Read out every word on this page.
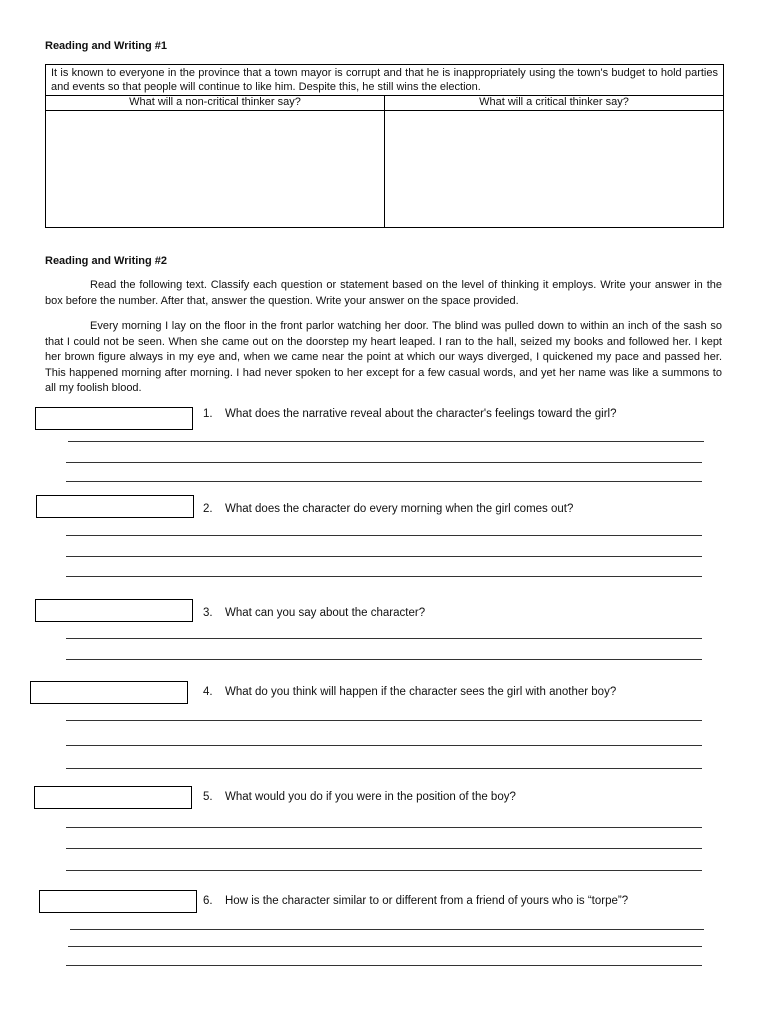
Reading and Writing #1
It is known to everyone in the province that a town mayor is corrupt and that he is inappropriately using the town's budget to hold parties and events so that people will continue to like him. Despite this, he still wins the election.
What will a non-critical thinker say?	What will a critical thinker say?
Reading and Writing #2

Read the following text. Classify each question or statement based on the level of thinking it employs. Write your answer in the box before the number. After that, answer the question. Write your answer on the space provided.

Every morning I lay on the floor in the front parlor watching her door. The blind was pulled down to within an inch of the sash so that I could not be seen. When she came out on the doorstep my heart leaped. I ran to the hall, seized my books and followed her. I kept her brown figure always in my eye and, when we came near the point at which our ways diverged, I quickened my pace and passed her. This happened morning after morning. I had never spoken to her except for a few casual words, and yet her name was like a summons to all my foolish blood.

1. What does the narrative reveal about the character's feelings toward the girl?
2. What does the character do every morning when the girl comes out?
3. What can you say about the character?
4. What do you think will happen if the character sees the girl with another boy?
5. What would you do if you were in the position of the boy?
6. How is the character similar to or different from a friend of yours who is “torpe”?
